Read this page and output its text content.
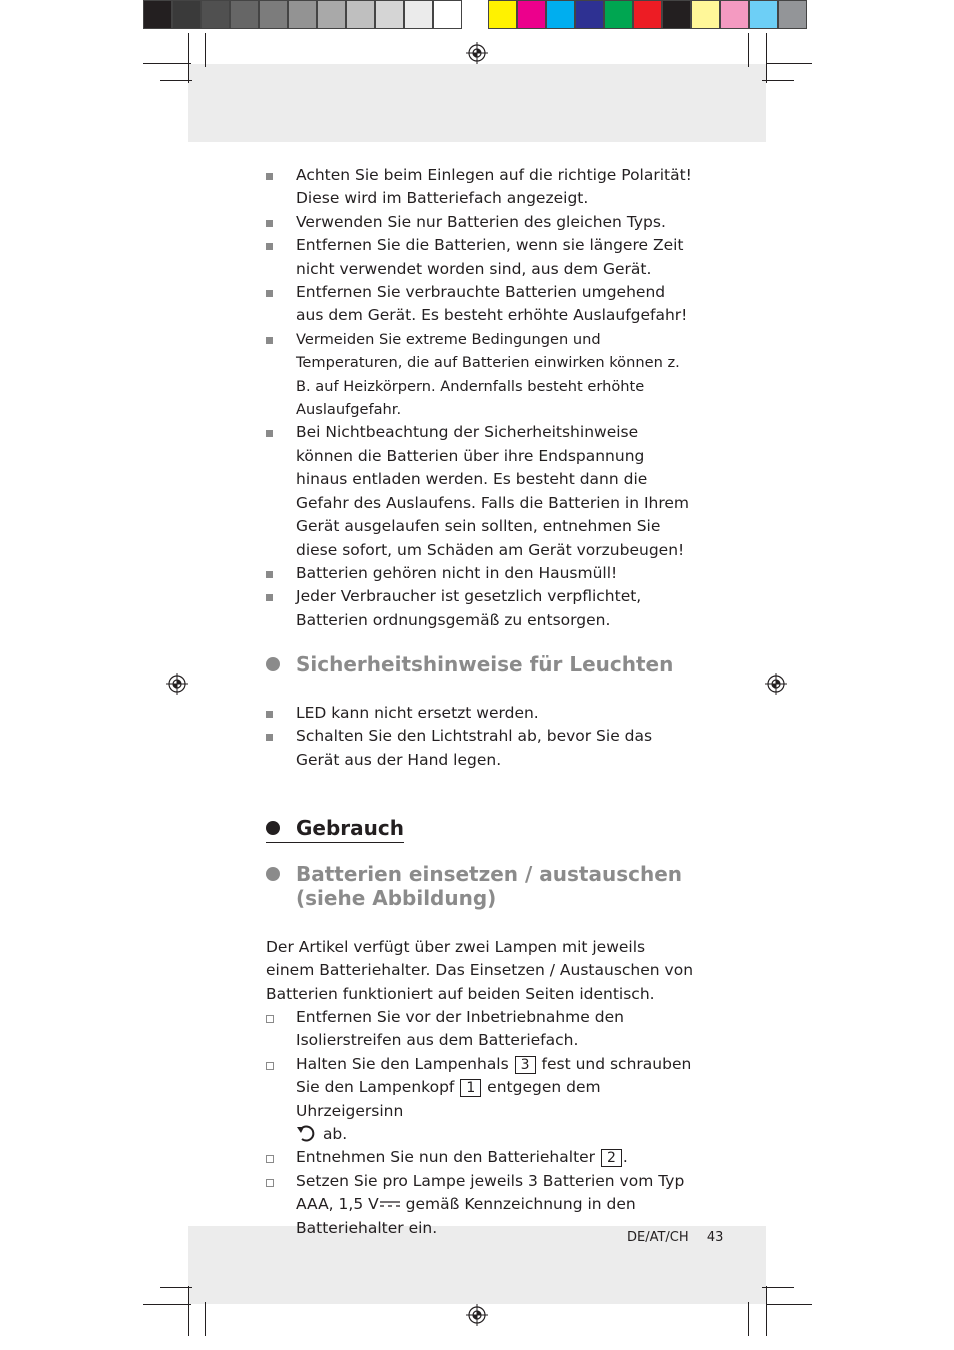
Achten Sie beim Einlegen auf die richtige Polarität! Diese wird im Batteriefach angezeigt.
Verwenden Sie nur Batterien des gleichen Typs.
Entfernen Sie die Batterien, wenn sie längere Zeit nicht verwendet worden sind, aus dem Gerät.
Entfernen Sie verbrauchte Batterien umgehend aus dem Gerät. Es besteht erhöhte Auslaufgefahr!
Vermeiden Sie extreme Bedingungen und Temperaturen, die auf Batterien einwirken können z. B. auf Heizkörpern. Andernfalls besteht erhöhte Auslaufgefahr.
Bei Nichtbeachtung der Sicherheitshinweise können die Batterien über ihre Endspannung hinaus entladen werden. Es besteht dann die Gefahr des Auslaufens. Falls die Batterien in Ihrem Gerät ausgelaufen sein sollten, entnehmen Sie diese sofort, um Schäden am Gerät vorzubeugen!
Batterien gehören nicht in den Hausmüll!
Jeder Verbraucher ist gesetzlich verpflichtet, Batterien ordnungsgemäß zu entsorgen.
Sicherheitshinweise für Leuchten
LED kann nicht ersetzt werden.
Schalten Sie den Lichtstrahl ab, bevor Sie das Gerät aus der Hand legen.
Gebrauch
Batterien einsetzen / austauschen (siehe Abbildung)
Der Artikel verfügt über zwei Lampen mit jeweils einem Batteriehalter. Das Einsetzen / Austauschen von Batterien funktioniert auf beiden Seiten identisch.
Entfernen Sie vor der Inbetriebnahme den Isolierstreifen aus dem Batteriefach.
Halten Sie den Lampenhals 3 fest und schrauben Sie den Lampenkopf 1 entgegen dem Uhrzeigersinn
ab.
Entnehmen Sie nun den Batteriehalter 2 .
Setzen Sie pro Lampe jeweils 3 Batterien vom Typ AAA, 1,5 V gemäß Kennzeichnung in den Batteriehalter ein.
DE/AT/CH 43
